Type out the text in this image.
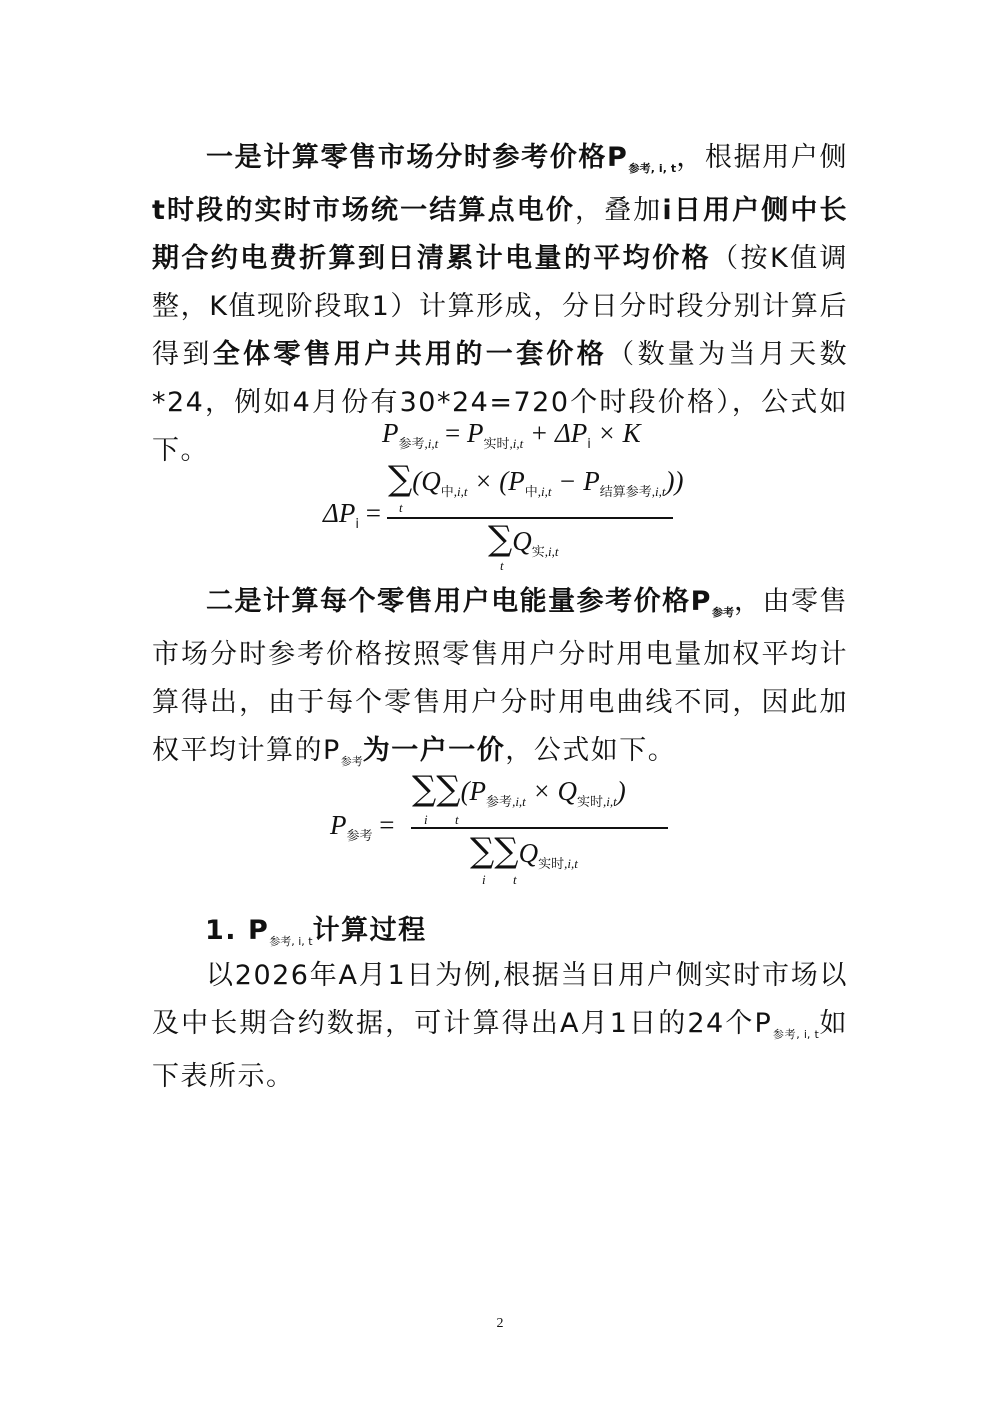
一是计算零售市场分时参考价格$P_{参考, i, t}$，根据用户侧t时段的实时市场统一结算点电价，叠加i日用户侧中长期合约电费折算到日清累计电量的平均价格（按K值调整，K值现阶段取1）计算形成，分日分时段分别计算后得到全体零售用户共用的一套价格（数量为当月天数*24，例如4月份有30*24=720个时段价格），公式如下。

$P_{参考,i,t} = P_{实时,i,t} + \Delta P_i \times K$
$\Delta P_i$ =
$\sum(Q_{中,i,t} \times (P_{中,i,t} - P_{结算参考,i,t}))$
t
$\sum Q_{实,i,t}$
t

二是计算每个零售用户电能量参考价格$P_{参考}$，由零售市场分时参考价格按照零售用户分时用电量加权平均计算得出，由于每个零售用户分时用电曲线不同，因此加权平均计算的$P_{参考}$为一户一价，公式如下。

$P_{参考}$ =
$\sum\sum(P_{参考,i,t} \times Q_{实时,i,t})$
i t
$\sum\sum Q_{实时,i,t}$
i t
1. $P_{参考, i, t}$计算过程

以2026年A月1日为例,根据当日用户侧实时市场以及中长期合约数据，可计算得出A月1日的24个$P_{参考, i, t}$如下表所示。

2
